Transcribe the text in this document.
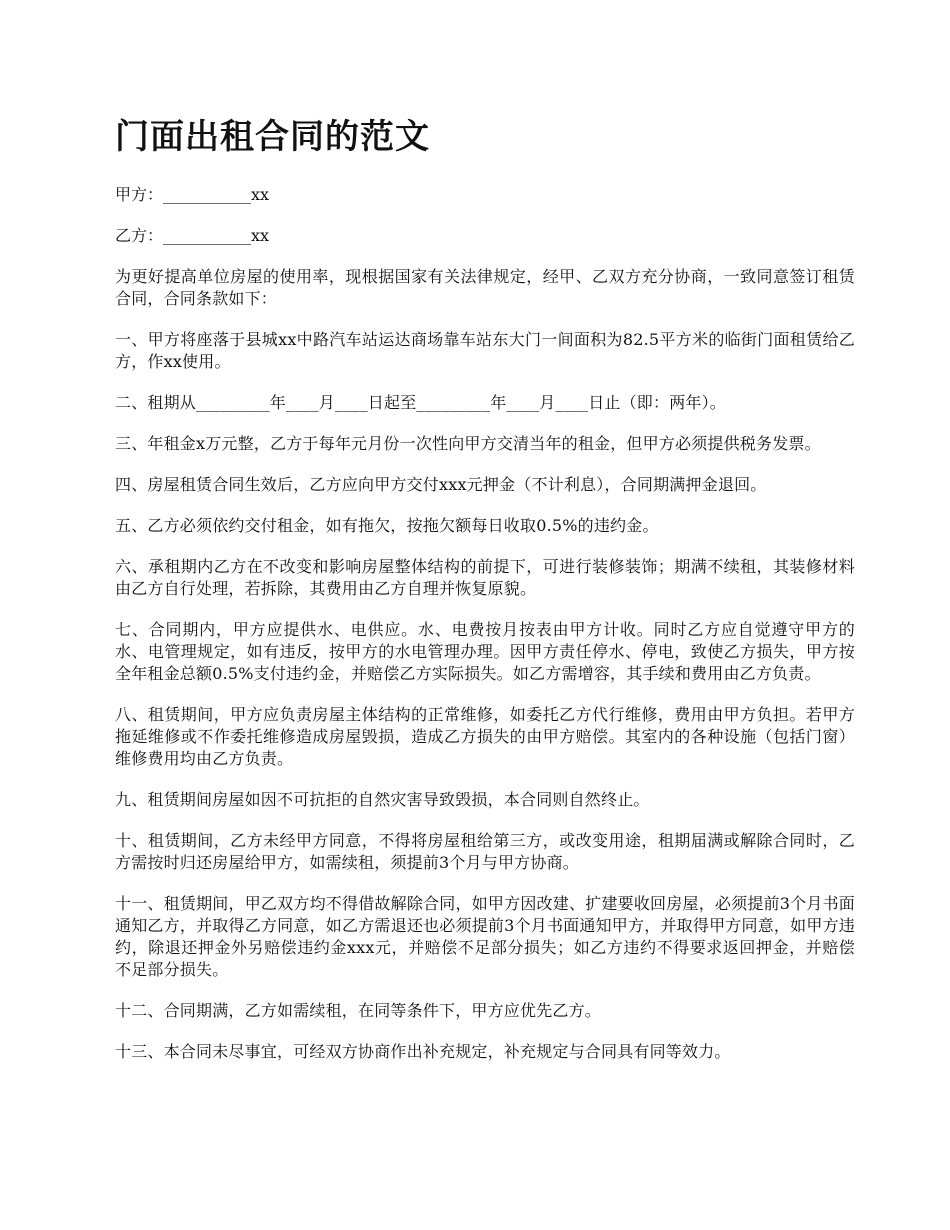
门面出租合同的范文

甲方：___________xx

乙方：___________xx

为更好提高单位房屋的使用率，现根据国家有关法律规定，经甲、乙双方充分协商，一致同意签订租赁合同，合同条款如下：

一、甲方将座落于县城xx中路汽车站运达商场靠车站东大门一间面积为82.5平方米的临街门面租赁给乙方，作xx使用。

二、租期从_________年____月____日起至_________年____月____日止（即：两年）。

三、年租金x万元整，乙方于每年元月份一次性向甲方交清当年的租金，但甲方必须提供税务发票。

四、房屋租赁合同生效后，乙方应向甲方交付xxx元押金（不计利息），合同期满押金退回。

五、乙方必须依约交付租金，如有拖欠，按拖欠额每日收取0.5%的违约金。

六、承租期内乙方在不改变和影响房屋整体结构的前提下，可进行装修装饰；期满不续租，其装修材料由乙方自行处理，若拆除，其费用由乙方自理并恢复原貌。

七、合同期内，甲方应提供水、电供应。水、电费按月按表由甲方计收。同时乙方应自觉遵守甲方的水、电管理规定，如有违反，按甲方的水电管理办理。因甲方责任停水、停电，致使乙方损失，甲方按全年租金总额0.5%支付违约金，并赔偿乙方实际损失。如乙方需增容，其手续和费用由乙方负责。

八、租赁期间，甲方应负责房屋主体结构的正常维修，如委托乙方代行维修，费用由甲方负担。若甲方拖延维修或不作委托维修造成房屋毁损，造成乙方损失的由甲方赔偿。其室内的各种设施（包括门窗）维修费用均由乙方负责。

九、租赁期间房屋如因不可抗拒的自然灾害导致毁损，本合同则自然终止。

十、租赁期间，乙方未经甲方同意，不得将房屋租给第三方，或改变用途，租期届满或解除合同时，乙方需按时归还房屋给甲方，如需续租，须提前3个月与甲方协商。

十一、租赁期间，甲乙双方均不得借故解除合同，如甲方因改建、扩建要收回房屋，必须提前3个月书面通知乙方，并取得乙方同意，如乙方需退还也必须提前3个月书面通知甲方，并取得甲方同意，如甲方违约，除退还押金外另赔偿违约金xxx元，并赔偿不足部分损失；如乙方违约不得要求返回押金，并赔偿不足部分损失。

十二、合同期满，乙方如需续租，在同等条件下，甲方应优先乙方。

十三、本合同未尽事宜，可经双方协商作出补充规定，补充规定与合同具有同等效力。
